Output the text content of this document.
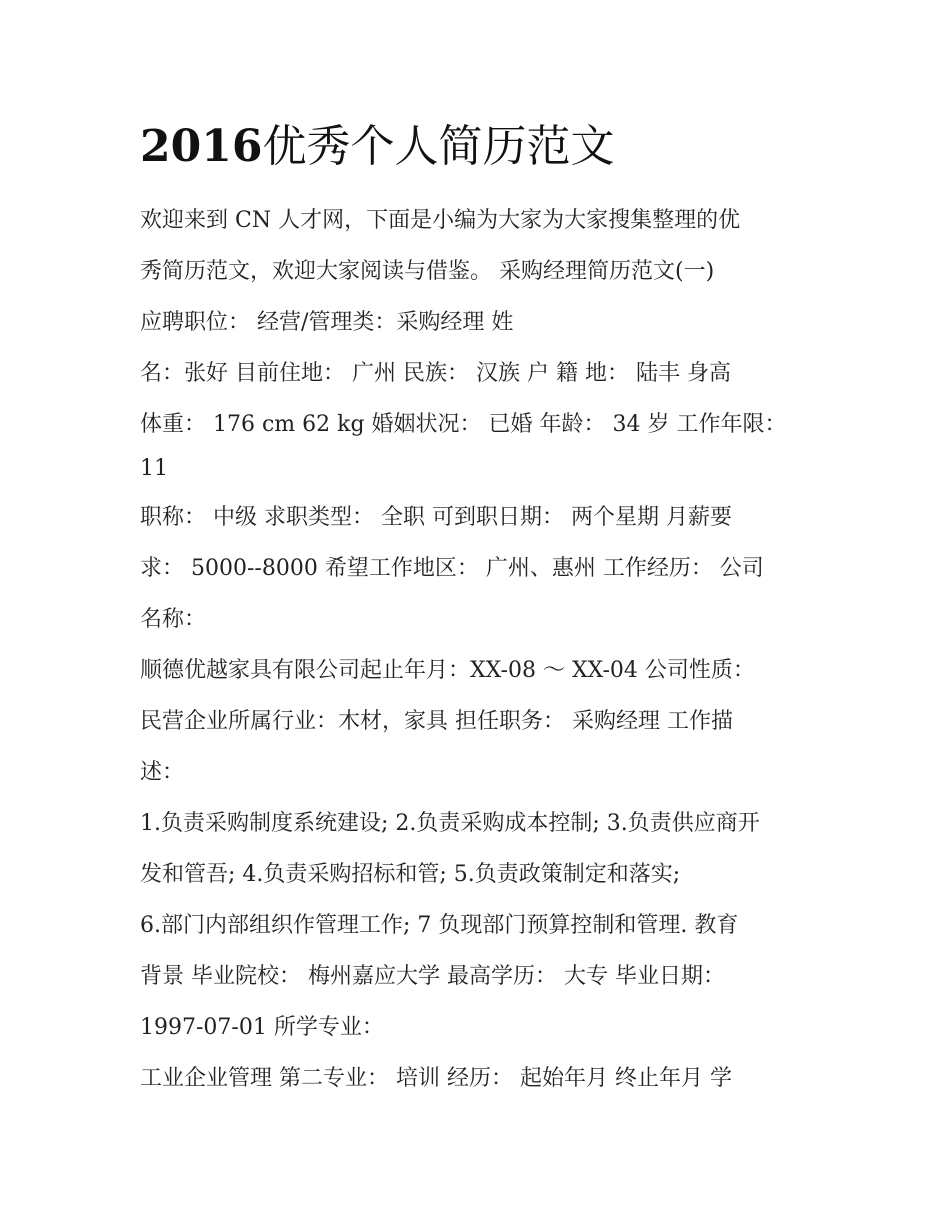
2016优秀个人简历范文

欢迎来到 CN 人才网，下面是小编为大家为大家搜集整理的优

秀简历范文，欢迎大家阅读与借鉴。 采购经理简历范文(一)

应聘职位： 经营/管理类：采购经理 姓

名：张好 目前住地： 广州 民族： 汉族 户 籍 地： 陆丰 身高

体重： 176 cm 62 kg 婚姻状况： 已婚 年龄： 34 岁 工作年限：

11

职称： 中级 求职类型： 全职 可到职日期： 两个星期 月薪要

求： 5000--8000 希望工作地区： 广州、惠州 工作经历： 公司

名称：

顺德优越家具有限公司起止年月：XX-08 ～ XX-04 公司性质：

民营企业所属行业：木材，家具 担任职务： 采购经理 工作描

述：

1.负责采购制度系统建设; 2.负责采购成本控制; 3.负责供应商开

发和管吾; 4.负责采购招标和管; 5.负责政策制定和落实;

6.部门内部组织作管理工作; 7 负现部门预算控制和管理. 教育

背景 毕业院校： 梅州嘉应大学 最高学历： 大专 毕业日期：

1997-07-01 所学专业：

工业企业管理 第二专业： 培训 经历： 起始年月 终止年月 学
